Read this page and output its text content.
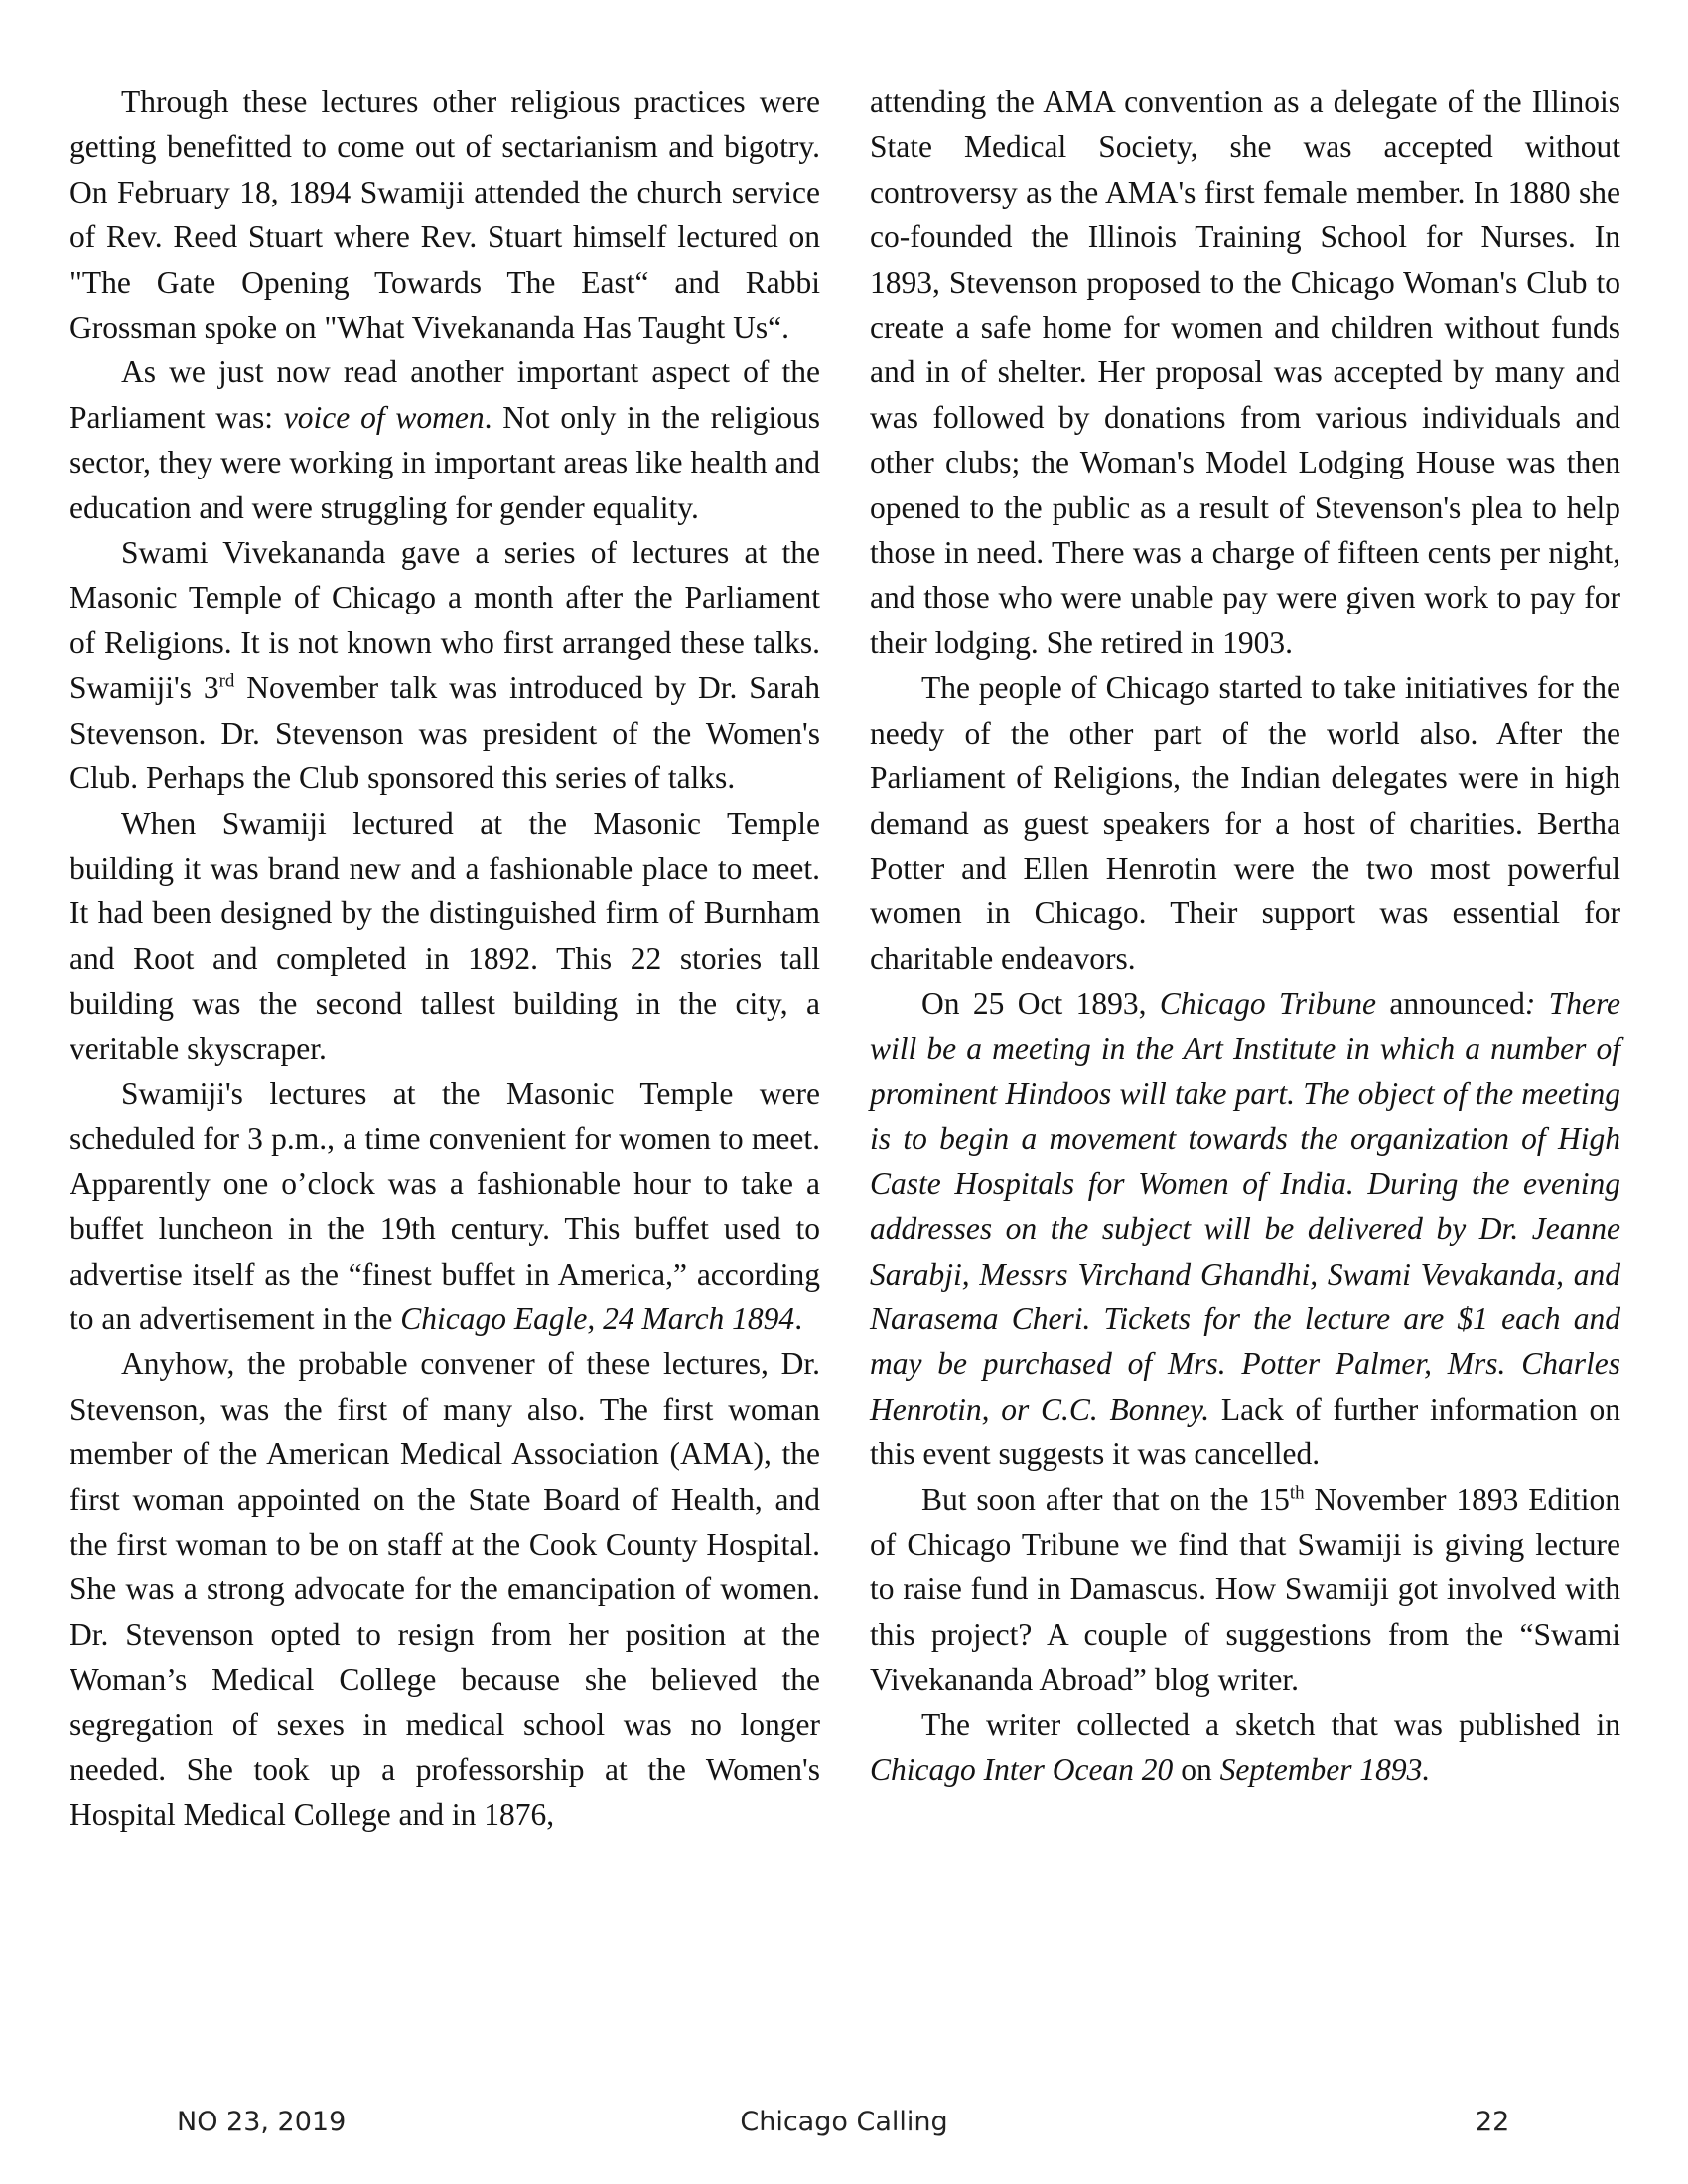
Through these lectures other religious practices were getting benefitted to come out of sectarianism and bigotry. On February 18, 1894 Swamiji attended the church service of Rev. Reed Stuart where Rev. Stuart himself lectured on "The Gate Opening Towards The East“ and Rabbi Grossman spoke on "What Vivekananda Has Taught Us“.

As we just now read another important aspect of the Parliament was: voice of women. Not only in the religious sector, they were working in important areas like health and education and were struggling for gender equality.

Swami Vivekananda gave a series of lectures at the Masonic Temple of Chicago a month after the Parliament of Religions. It is not known who first arranged these talks. Swamiji's 3rd November talk was introduced by Dr. Sarah Stevenson. Dr. Stevenson was president of the Women's Club. Perhaps the Club sponsored this series of talks.

When Swamiji lectured at the Masonic Temple building it was brand new and a fashionable place to meet. It had been designed by the distinguished firm of Burnham and Root and completed in 1892. This 22 stories tall building was the second tallest building in the city, a veritable skyscraper.

Swamiji's lectures at the Masonic Temple were scheduled for 3 p.m., a time convenient for women to meet. Apparently one o’clock was a fashionable hour to take a buffet luncheon in the 19th century. This buffet used to advertise itself as the “finest buffet in America,” according to an advertisement in the Chicago Eagle, 24 March 1894.

Anyhow, the probable convener of these lectures, Dr. Stevenson, was the first of many also. The first woman member of the American Medical Association (AMA), the first woman appointed on the State Board of Health, and the first woman to be on staff at the Cook County Hospital. She was a strong advocate for the emancipation of women. Dr. Stevenson opted to resign from her position at the Woman’s Medical College because she believed the segregation of sexes in medical school was no longer needed. She took up a professorship at the Women's Hospital Medical College and in 1876,

attending the AMA convention as a delegate of the Illinois State Medical Society, she was accepted without controversy as the AMA's first female member. In 1880 she co-founded the Illinois Training School for Nurses. In 1893, Stevenson proposed to the Chicago Woman's Club to create a safe home for women and children without funds and in of shelter. Her proposal was accepted by many and was followed by donations from various individuals and other clubs; the Woman's Model Lodging House was then opened to the public as a result of Stevenson's plea to help those in need. There was a charge of fifteen cents per night, and those who were unable pay were given work to pay for their lodging. She retired in 1903.

The people of Chicago started to take initiatives for the needy of the other part of the world also. After the Parliament of Religions, the Indian delegates were in high demand as guest speakers for a host of charities. Bertha Potter and Ellen Henrotin were the two most powerful women in Chicago. Their support was essential for charitable endeavors.

On 25 Oct 1893, Chicago Tribune announced: There will be a meeting in the Art Institute in which a number of prominent Hindoos will take part. The object of the meeting is to begin a movement towards the organization of High Caste Hospitals for Women of India. During the evening addresses on the subject will be delivered by Dr. Jeanne Sarabji, Messrs Virchand Ghandhi, Swami Vevakanda, and Narasema Cheri. Tickets for the lecture are $1 each and may be purchased of Mrs. Potter Palmer, Mrs. Charles Henrotin, or C.C. Bonney. Lack of further information on this event suggests it was cancelled.

But soon after that on the 15th November 1893 Edition of Chicago Tribune we find that Swamiji is giving lecture to raise fund in Damascus. How Swamiji got involved with this project? A couple of suggestions from the “Swami Vivekananda Abroad” blog writer.

The writer collected a sketch that was published in Chicago Inter Ocean 20 on September 1893.

NO 23, 2019	Chicago Calling	22
